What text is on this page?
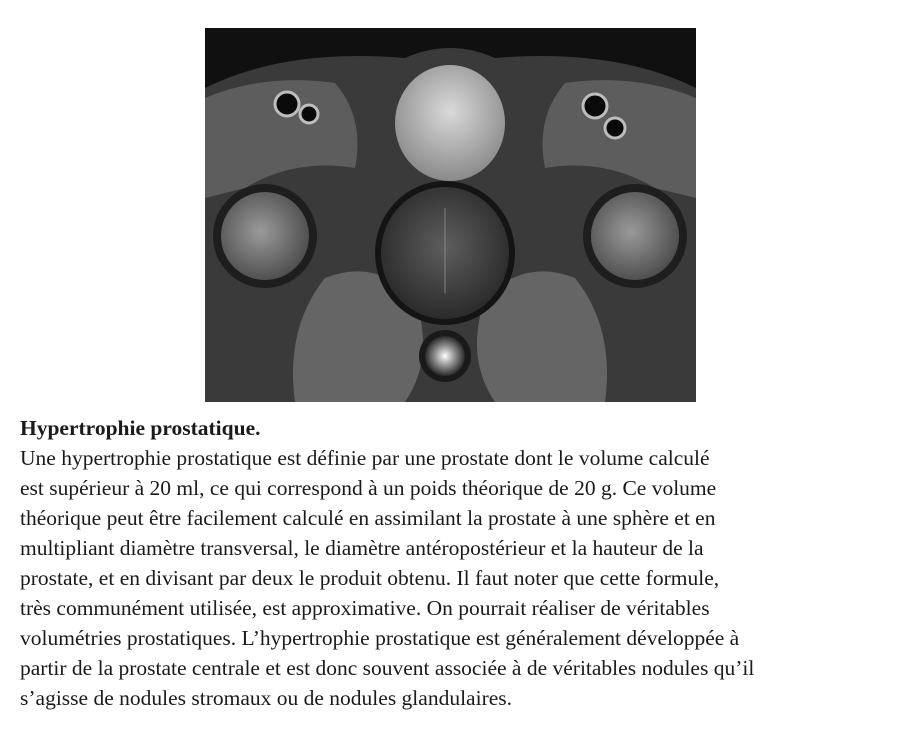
Hypertrophie prostatique.

Une hypertrophie prostatique est définie par une prostate dont le volume calculé
est supérieur à 20 ml, ce qui correspond à un poids théorique de 20 g. Ce volume
théorique peut être facilement calculé en assimilant la prostate à une sphère et en
multipliant diamètre transversal, le diamètre antéropostérieur et la hauteur de la
prostate, et en divisant par deux le produit obtenu. Il faut noter que cette formule,
très communément utilisée, est approximative. On pourrait réaliser de véritables
volumétries prostatiques. L’hypertrophie prostatique est généralement développée à
partir de la prostate centrale et est donc souvent associée à de véritables nodules qu’il
s’agisse de nodules stromaux ou de nodules glandulaires.
